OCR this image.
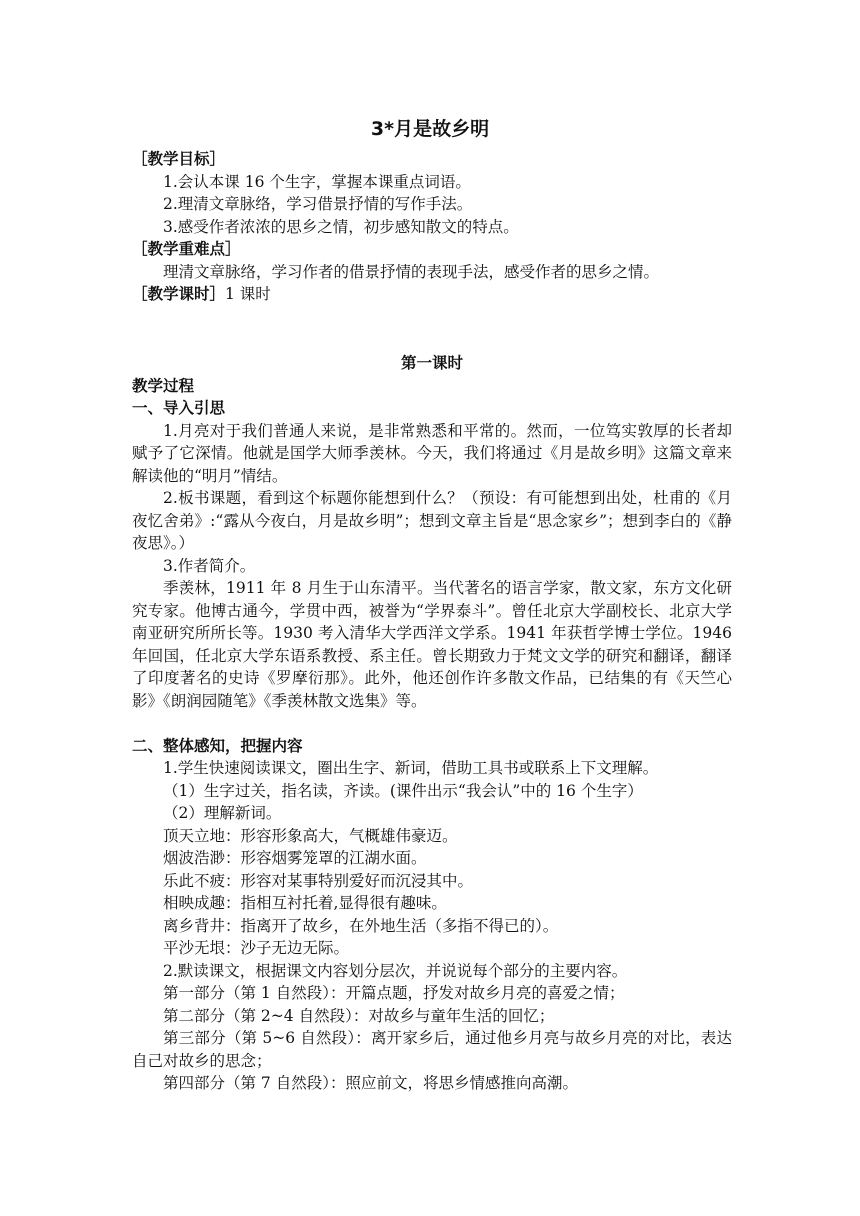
3*月是故乡明
［教学目标］
1.会认本课 16 个生字，掌握本课重点词语。
2.理清文章脉络，学习借景抒情的写作手法。
3.感受作者浓浓的思乡之情，初步感知散文的特点。
［教学重难点］
理清文章脉络，学习作者的借景抒情的表现手法，感受作者的思乡之情。
［教学课时］1 课时
第一课时
教学过程
一、导入引思

1.月亮对于我们普通人来说，是非常熟悉和平常的。然而，一位笃实敦厚的长者却赋予了它深情。他就是国学大师季羡林。今天，我们将通过《月是故乡明》这篇文章来解读他的“明月”情结。

2.板书课题，看到这个标题你能想到什么？（预设：有可能想到出处，杜甫的《月夜忆舍弟》:“露从今夜白，月是故乡明”；想到文章主旨是“思念家乡”；想到李白的《静夜思》。）

3.作者简介。

季羡林，1911 年 8 月生于山东清平。当代著名的语言学家，散文家，东方文化研究专家。他博古通今，学贯中西，被誉为“学界泰斗”。曾任北京大学副校长、北京大学南亚研究所所长等。1930 考入清华大学西洋文学系。1941 年获哲学博士学位。1946 年回国，任北京大学东语系教授、系主任。曾长期致力于梵文文学的研究和翻译，翻译了印度著名的史诗《罗摩衍那》。此外，他还创作许多散文作品，已结集的有《天竺心影》《朗润园随笔》《季羡林散文选集》等。

二、整体感知，把握内容
1.学生快速阅读课文，圈出生字、新词，借助工具书或联系上下文理解。
（1）生字过关，指名读，齐读。(课件出示“我会认”中的 16 个生字）
（2）理解新词。
顶天立地：形容形象高大，气概雄伟豪迈。
烟波浩渺：形容烟雾笼罩的江湖水面。
乐此不疲：形容对某事特别爱好而沉浸其中。
相映成趣：指相互衬托着,显得很有趣味。
离乡背井：指离开了故乡，在外地生活（多指不得已的）。
平沙无垠：沙子无边无际。
2.默读课文，根据课文内容划分层次，并说说每个部分的主要内容。
第一部分（第 1 自然段）：开篇点题，抒发对故乡月亮的喜爱之情；
第二部分（第 2~4 自然段）：对故乡与童年生活的回忆；

第三部分（第 5~6 自然段）：离开家乡后，通过他乡月亮与故乡月亮的对比，表达自己对故乡的思念；

第四部分（第 7 自然段）：照应前文，将思乡情感推向高潮。
